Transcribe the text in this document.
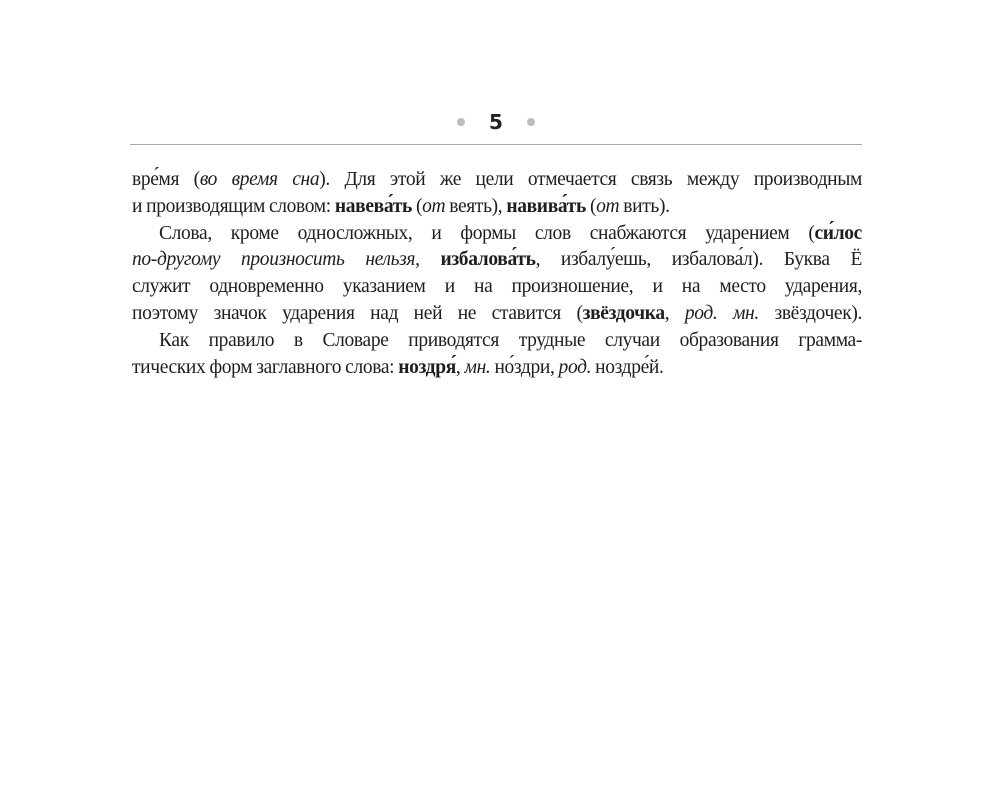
5
вре́мя (во время сна). Для этой же цели отмечается связь между производным
и производящим словом: навева́ть (от веять), навива́ть (от вить).
Слова, кроме односложных, и формы слов снабжаются ударением (си́лос
по-другому произносить нельзя, избалова́ть, избалу́ешь, избалова́л). Буква Ё
служит одновременно указанием и на произношение, и на место ударения,
поэтому значок ударения над ней не ставится (звёздочка, род. мн. звёздочек).
Как правило в Словаре приводятся трудные случаи образования грамма-
тических форм заглавного слова: ноздря́, мн. но́здри, род. ноздре́й.
